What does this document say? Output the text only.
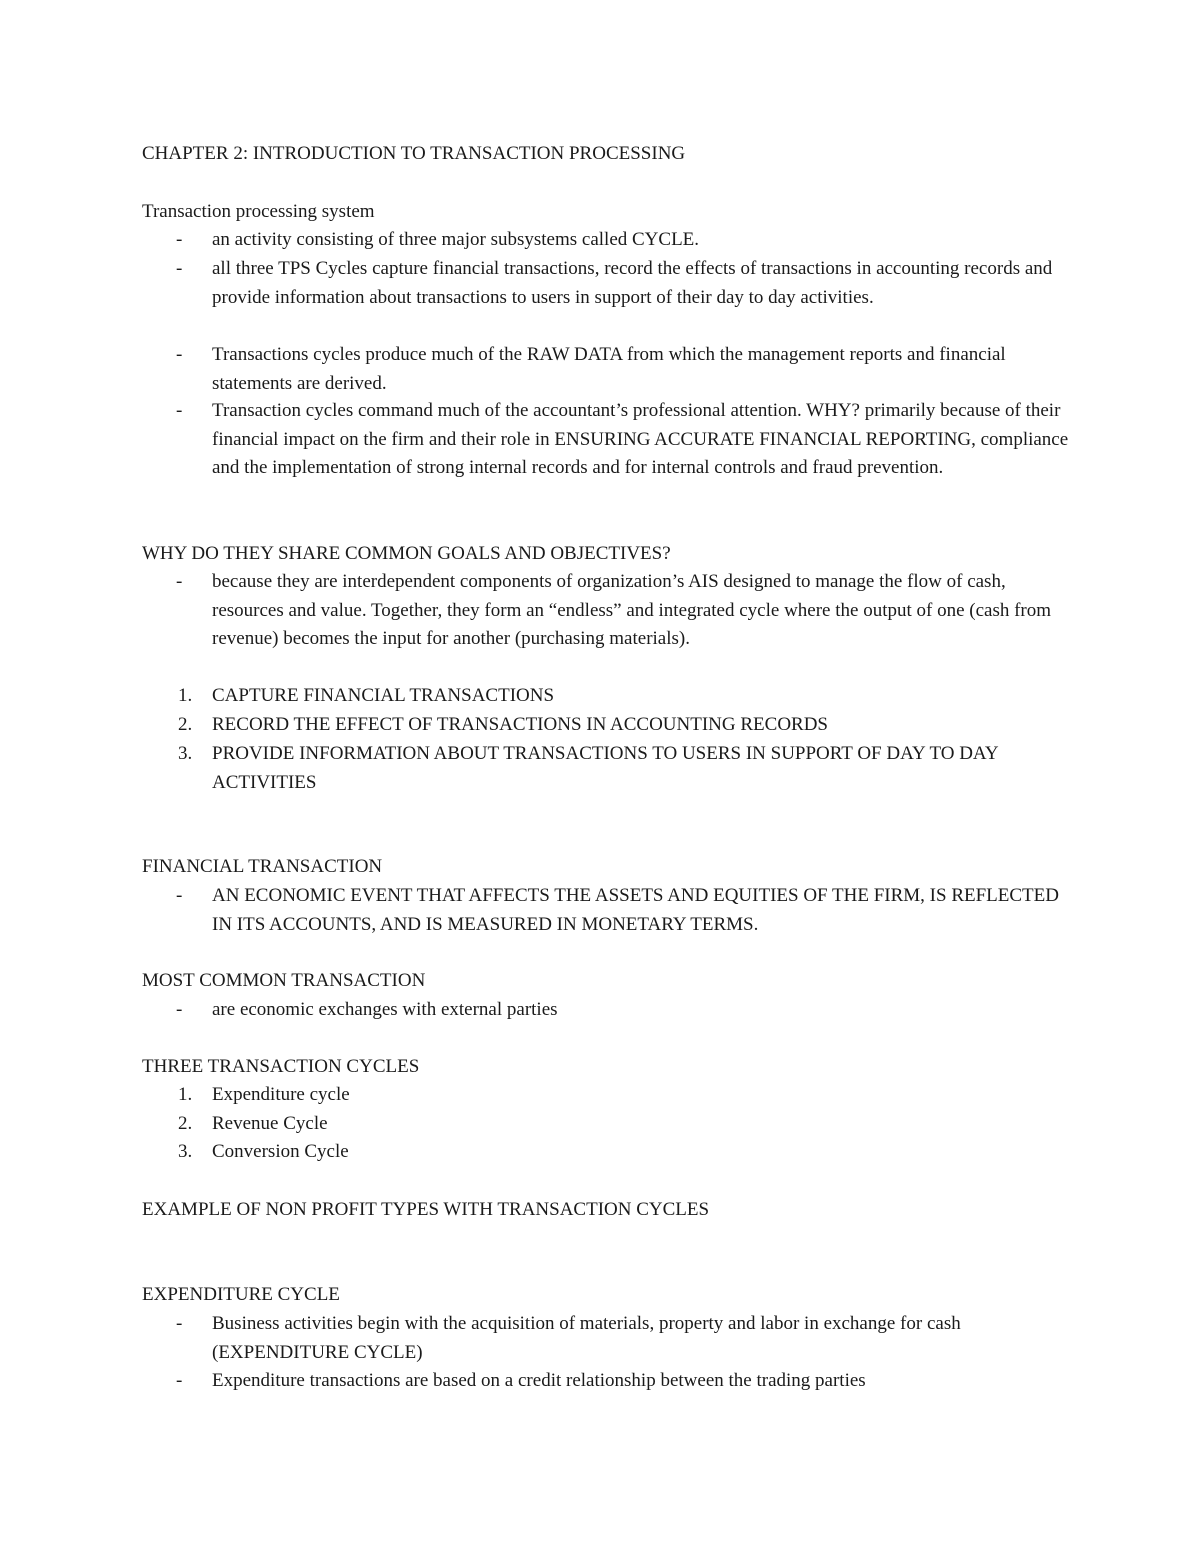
CHAPTER 2: INTRODUCTION TO TRANSACTION PROCESSING
Transaction processing system
-	an activity consisting of three major subsystems called CYCLE.
-	all three TPS Cycles capture financial transactions, record the effects of transactions in accounting records and provide information about transactions to users in support of their day to day activities.
-	Transactions cycles produce much of the RAW DATA from which the management reports and financial statements are derived.
-	Transaction cycles command much of the accountant’s professional attention. WHY? primarily because of their financial impact on the firm and their role in ENSURING ACCURATE FINANCIAL REPORTING, compliance and the implementation of strong internal records and for internal controls and fraud prevention.
WHY DO THEY SHARE COMMON GOALS AND OBJECTIVES?
-	because they are interdependent components of organization’s AIS designed to manage the flow of cash, resources and value. Together, they form an “endless” and integrated cycle where the output of one (cash from revenue) becomes the input for another (purchasing materials).
1.	CAPTURE FINANCIAL TRANSACTIONS
2.	RECORD THE EFFECT OF TRANSACTIONS IN ACCOUNTING RECORDS
3.	PROVIDE INFORMATION ABOUT TRANSACTIONS TO USERS IN SUPPORT OF DAY TO DAY ACTIVITIES
FINANCIAL TRANSACTION
-	AN ECONOMIC EVENT THAT AFFECTS THE ASSETS AND EQUITIES OF THE FIRM, IS REFLECTED IN ITS ACCOUNTS, AND IS MEASURED IN MONETARY TERMS.
MOST COMMON TRANSACTION
-	are economic exchanges with external parties
THREE TRANSACTION CYCLES
1.	Expenditure cycle
2.	Revenue Cycle
3.	Conversion Cycle
EXAMPLE OF NON PROFIT TYPES WITH TRANSACTION CYCLES
EXPENDITURE CYCLE
-	Business activities begin with the acquisition of materials, property and labor in exchange for cash (EXPENDITURE CYCLE)
-	Expenditure transactions are based on a credit relationship between the trading parties
